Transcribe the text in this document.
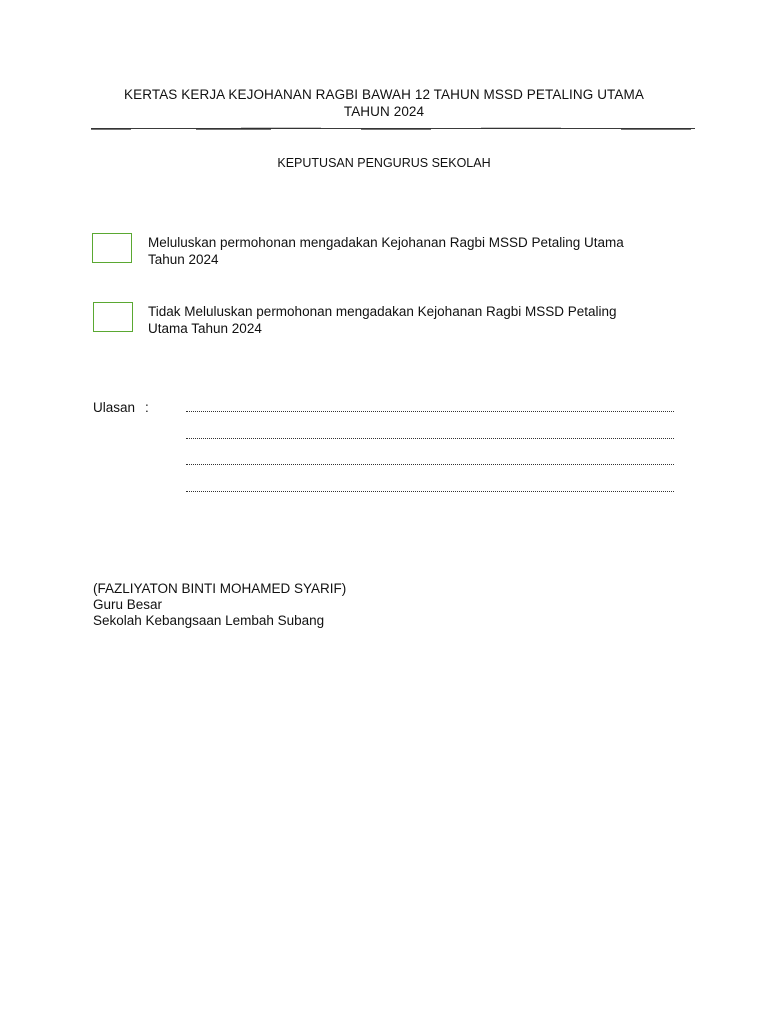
KERTAS KERJA KEJOHANAN RAGBI BAWAH 12 TAHUN MSSD PETALING UTAMA
TAHUN 2024
KEPUTUSAN PENGURUS SEKOLAH
Meluluskan permohonan mengadakan Kejohanan Ragbi MSSD Petaling Utama
Tahun 2024
Tidak Meluluskan permohonan mengadakan Kejohanan Ragbi MSSD Petaling
Utama Tahun 2024
Ulasan :
(FAZLIYATON BINTI MOHAMED SYARIF)
Guru Besar
Sekolah Kebangsaan Lembah Subang
